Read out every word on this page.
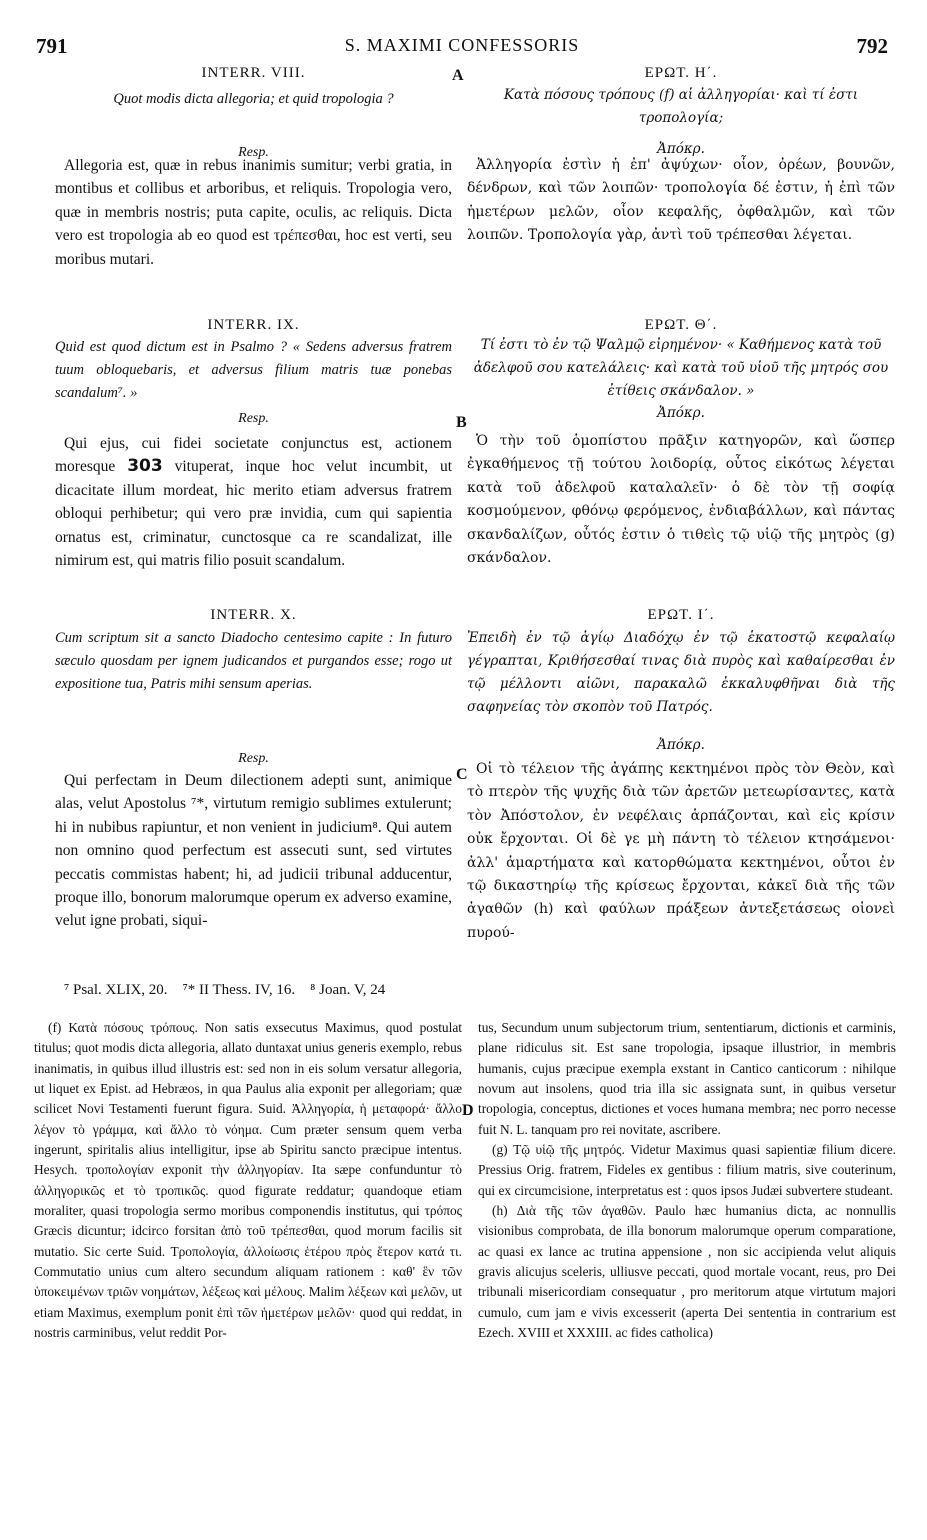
791	S. MAXIMI CONFESSORIS	792
A
B
C
D
INTERR. VIII.
Quot modis dicta allegoria; et quid tropologia ?
Resp.
Allegoria est, quæ in rebus inanimis sumitur; verbi gratia, in montibus et collibus et arboribus, et reliquis. Tropologia vero, quæ in membris nostris; puta capite, oculis, ac reliquis. Dicta vero est tropologia ab eo quod est τρέπεσθαι, hoc est verti, seu moribus mutari.
INTERR. IX.
Quid est quod dictum est in Psalmo ? « Sedens adversus fratrem tuum obloquebaris, et adversus filium matris tuæ ponebas scandalum⁷. »
Resp.
Qui ejus, cui fidei societate conjunctus est, actionem moresque 303 vituperat, inque hoc velut incumbit, ut dicacitate illum mordeat, hic merito etiam adversus fratrem obloqui perhibetur; qui vero præ invidia, cum qui sapientia ornatus est, criminatur, cunctosque ca re scandalizat, ille nimirum est, qui matris filio posuit scandalum.
INTERR. X.
Cum scriptum sit a sancto Diadocho centesimo capite : In futuro sæculo quosdam per ignem judicandos et purgandos esse; rogo ut expositione tua, Patris mihi sensum aperias.
Resp.
Qui perfectam in Deum dilectionem adepti sunt, animique alas, velut Apostolus ⁷*, virtutum remigio sublimes extulerunt; hi in nubibus rapiuntur, et non venient in judicium⁸. Qui autem non omnino quod perfectum est assecuti sunt, sed virtutes peccatis commistas habent; hi, ad judicii tribunal adducentur, proque illo, bonorum malorumque operum ex adverso examine, velut igne probati, siqui-
ΕΡΩΤ. Η΄.
Κατὰ πόσους τρόπους (f) αἱ ἀλληγορίαι· καὶ τί ἐστι τροπολογία;
Ἀπόκρ.
Ἀλληγορία ἐστὶν ἡ ἐπ' ἀψύχων· οἷον, ὀρέων, βουνῶν, δένδρων, καὶ τῶν λοιπῶν· τροπολογία δέ ἐστιν, ἡ ἐπὶ τῶν ἡμετέρων μελῶν, οἷον κεφαλῆς, ὀφθαλμῶν, καὶ τῶν λοιπῶν. Τροπολογία γὰρ, ἀντὶ τοῦ τρέπεσθαι λέγεται.
ΕΡΩΤ. Θ΄.
Τί ἐστι τὸ ἐν τῷ Ψαλμῷ εἰρημένον· « Καθήμενος κατὰ τοῦ ἀδελφοῦ σου κατελάλεις· καὶ κατὰ τοῦ υἱοῦ τῆς μητρός σου ἐτίθεις σκάνδαλον. »
Ἀπόκρ.
Ὁ τὴν τοῦ ὁμοπίστου πρᾶξιν κατηγορῶν, καὶ ὥσπερ ἐγκαθήμενος τῇ τούτου λοιδορίᾳ, οὗτος εἰκότως λέγεται κατὰ τοῦ ἀδελφοῦ καταλαλεῖν· ὁ δὲ τὸν τῇ σοφίᾳ κοσμούμενον, φθόνῳ φερόμενος, ἐνδιαβάλλων, καὶ πάντας σκανδαλίζων, οὗτός ἐστιν ὁ τιθεὶς τῷ υἱῷ τῆς μητρὸς (g) σκάνδαλον.
ΕΡΩΤ. Ι΄.
Ἐπειδὴ ἐν τῷ ἁγίῳ Διαδόχῳ ἐν τῷ ἑκατοστῷ κεφαλαίῳ γέγραπται, Κριθήσεσθαί τινας διὰ πυρὸς καὶ καθαίρεσθαι ἐν τῷ μέλλοντι αἰῶνι, παρακαλῶ ἐκκαλυφθῆναι διὰ τῆς σαφηνείας τὸν σκοπὸν τοῦ Πατρός.
Ἀπόκρ.
Οἱ τὸ τέλειον τῆς ἀγάπης κεκτημένοι πρὸς τὸν Θεὸν, καὶ τὸ πτερὸν τῆς ψυχῆς διὰ τῶν ἀρετῶν μετεωρίσαντες, κατὰ τὸν Ἀπόστολον, ἐν νεφέλαις ἁρπάζονται, καὶ εἰς κρίσιν οὐκ ἔρχονται. Οἱ δὲ γε μὴ πάντη τὸ τέλειον κτησάμενοι· ἀλλ' ἁμαρτήματα καὶ κατορθώματα κεκτημένοι, οὗτοι ἐν τῷ δικαστηρίῳ τῆς κρίσεως ἔρχονται, κἀκεῖ διὰ τῆς τῶν ἀγαθῶν (h) καὶ φαύλων πράξεων ἀντεξετάσεως οἱονεὶ πυρού-
⁷ Psal. XLIX, 20. ⁷* II Thess. IV, 16. ⁸ Joan. V, 24

(f) Κατὰ πόσους τρόπους. Non satis exsecutus Maximus, quod postulat titulus; quot modis dicta allegoria, allato duntaxat unius generis exemplo, rebus inanimatis, in quibus illud illustris est: sed non in eis solum versatur allegoria, ut liquet ex Epist. ad Hebræos, in qua Paulus alia exponit per allegoriam; quæ scilicet Novi Testamenti fuerunt figura. Suid. Ἀλληγορία, ἡ μεταφορά· ἄλλο λέγον τὸ γράμμα, καὶ ἄλλο τὸ νόημα. Cum præter sensum quem verba ingerunt, spiritalis alius intelligitur, ipse ab Spiritu sancto præcipue intentus. Hesych. τροπολογίαν exponit τὴν ἀλληγορίαν. Ita sæpe confunduntur τὸ ἀλληγορικῶς et τὸ τροπικῶς. quod figurate reddatur; quandoque etiam moraliter, quasi tropologia sermo moribus componendis institutus, qui τρόπος Græcis dicuntur; idcirco forsitan ἀπὸ τοῦ τρέπεσθαι, quod morum facilis sit mutatio. Sic certe Suid. Τροπολογία, ἀλλοίωσις ἑτέρου πρὸς ἕτερον κατά τι. Commutatio unius cum altero secundum aliquam rationem : καθ' ἓν τῶν ὑποκειμένων τριῶν νοημάτων, λέξεως καὶ μέλους. Malim λέξεων καὶ μελῶν, ut etiam Maximus, exemplum ponit ἐπὶ τῶν ἡμετέρων μελῶν· quod qui reddat, in nostris carminibus, velut reddit Por-

tus, Secundum unum subjectorum trium, sententiarum, dictionis et carminis, plane ridiculus sit. Est sane tropologia, ipsaque illustrior, in membris humanis, cujus præcipue exempla exstant in Cantico canticorum : nihilque novum aut insolens, quod tria illa sic assignata sunt, in quibus versetur tropologia, conceptus, dictiones et voces humana membra; nec porro necesse fuit N. L. tanquam pro rei novitate, ascribere.

(g) Τῷ υἱῷ τῆς μητρός. Videtur Maximus quasi sapientiæ filium dicere. Pressius Orig. fratrem, Fideles ex gentibus : filium matris, sive couterinum, qui ex circumcisione, interpretatus est : quos ipsos Judæi subvertere studeant.

(h) Διὰ τῆς τῶν ἀγαθῶν. Paulo hæc humanius dicta, ac nonnullis visionibus comprobata, de illa bonorum malorumque operum comparatione, ac quasi ex lance ac trutina appensione , non sic accipienda velut aliquis gravis alicujus sceleris, ulliusve peccati, quod mortale vocant, reus, pro Dei tribunali misericordiam consequatur , pro meritorum atque virtutum majori cumulo, cum jam e vivis excesserit (aperta Dei sententia in contrarium est Ezech. XVIII et XXXIII. ac fides catholica)
